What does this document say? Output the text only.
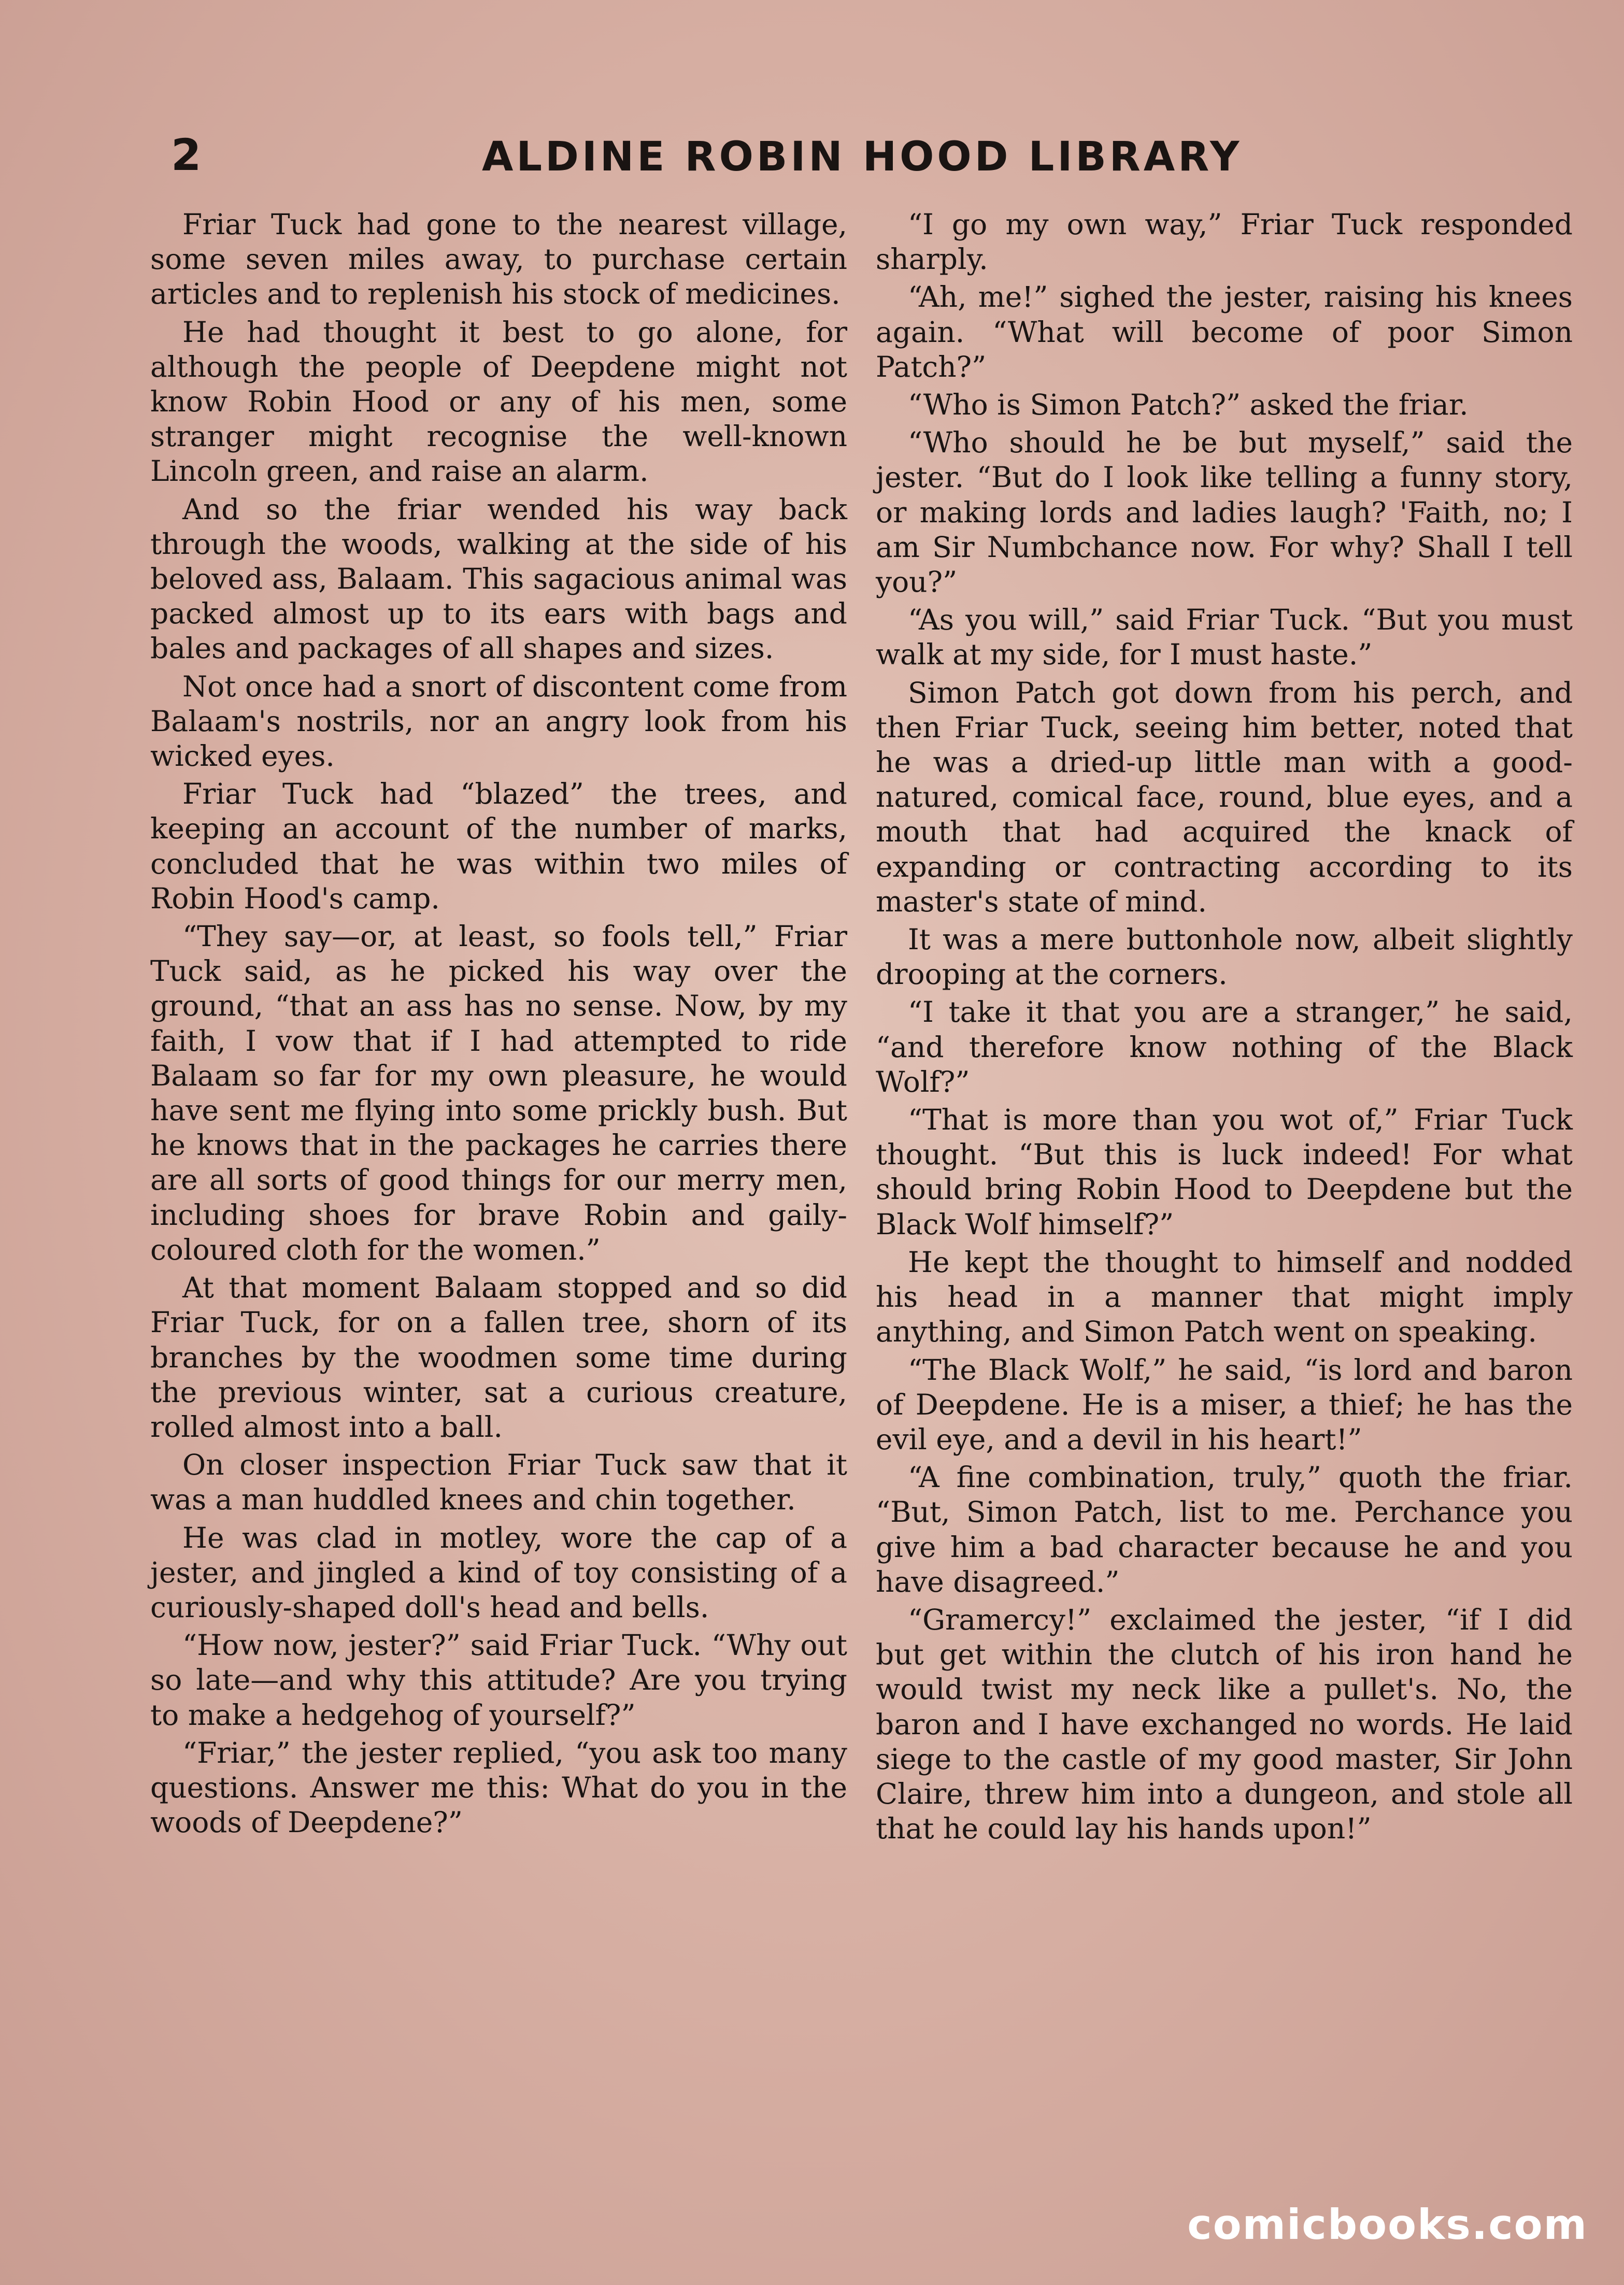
2	ALDINE ROBIN HOOD LIBRARY

Friar Tuck had gone to the nearest village, some seven miles away, to purchase certain articles and to replenish his stock of medicines.

He had thought it best to go alone, for although the people of Deepdene might not know Robin Hood or any of his men, some stranger might recognise the well-known Lincoln green, and raise an alarm.

And so the friar wended his way back through the woods, walking at the side of his beloved ass, Balaam. This sagacious animal was packed almost up to its ears with bags and bales and packages of all shapes and sizes.

Not once had a snort of discontent come from Balaam's nostrils, nor an angry look from his wicked eyes.

Friar Tuck had “blazed” the trees, and keeping an account of the number of marks, concluded that he was within two miles of Robin Hood's camp.

“They say—or, at least, so fools tell,” Friar Tuck said, as he picked his way over the ground, “that an ass has no sense. Now, by my faith, I vow that if I had attempted to ride Balaam so far for my own pleasure, he would have sent me flying into some prickly bush. But he knows that in the packages he carries there are all sorts of good things for our merry men, including shoes for brave Robin and gaily-coloured cloth for the women.”

At that moment Balaam stopped and so did Friar Tuck, for on a fallen tree, shorn of its branches by the woodmen some time during the previous winter, sat a curious creature, rolled almost into a ball.

On closer inspection Friar Tuck saw that it was a man huddled knees and chin together.

He was clad in motley, wore the cap of a jester, and jingled a kind of toy consisting of a curiously-shaped doll's head and bells.

“How now, jester?” said Friar Tuck. “Why out so late—and why this attitude? Are you trying to make a hedgehog of yourself?”

“Friar,” the jester replied, “you ask too many questions. Answer me this: What do you in the woods of Deepdene?”

“I go my own way,” Friar Tuck responded sharply.

“Ah, me!” sighed the jester, raising his knees again. “What will become of poor Simon Patch?”

“Who is Simon Patch?” asked the friar.

“Who should he be but myself,” said the jester. “But do I look like telling a funny story, or making lords and ladies laugh? 'Faith, no; I am Sir Numbchance now. For why? Shall I tell you?”

“As you will,” said Friar Tuck. “But you must walk at my side, for I must haste.”

Simon Patch got down from his perch, and then Friar Tuck, seeing him better, noted that he was a dried-up little man with a good-natured, comical face, round, blue eyes, and a mouth that had acquired the knack of expanding or contracting according to its master's state of mind.

It was a mere buttonhole now, albeit slightly drooping at the corners.

“I take it that you are a stranger,” he said, “and therefore know nothing of the Black Wolf?”

“That is more than you wot of,” Friar Tuck thought. “But this is luck indeed! For what should bring Robin Hood to Deepdene but the Black Wolf himself?”

He kept the thought to himself and nodded his head in a manner that might imply anything, and Simon Patch went on speaking.

“The Black Wolf,” he said, “is lord and baron of Deepdene. He is a miser, a thief; he has the evil eye, and a devil in his heart!”

“A fine combination, truly,” quoth the friar. “But, Simon Patch, list to me. Perchance you give him a bad character because he and you have disagreed.”

“Gramercy!” exclaimed the jester, “if I did but get within the clutch of his iron hand he would twist my neck like a pullet's. No, the baron and I have exchanged no words. He laid siege to the castle of my good master, Sir John Claire, threw him into a dungeon, and stole all that he could lay his hands upon!”

comicbooks.com
